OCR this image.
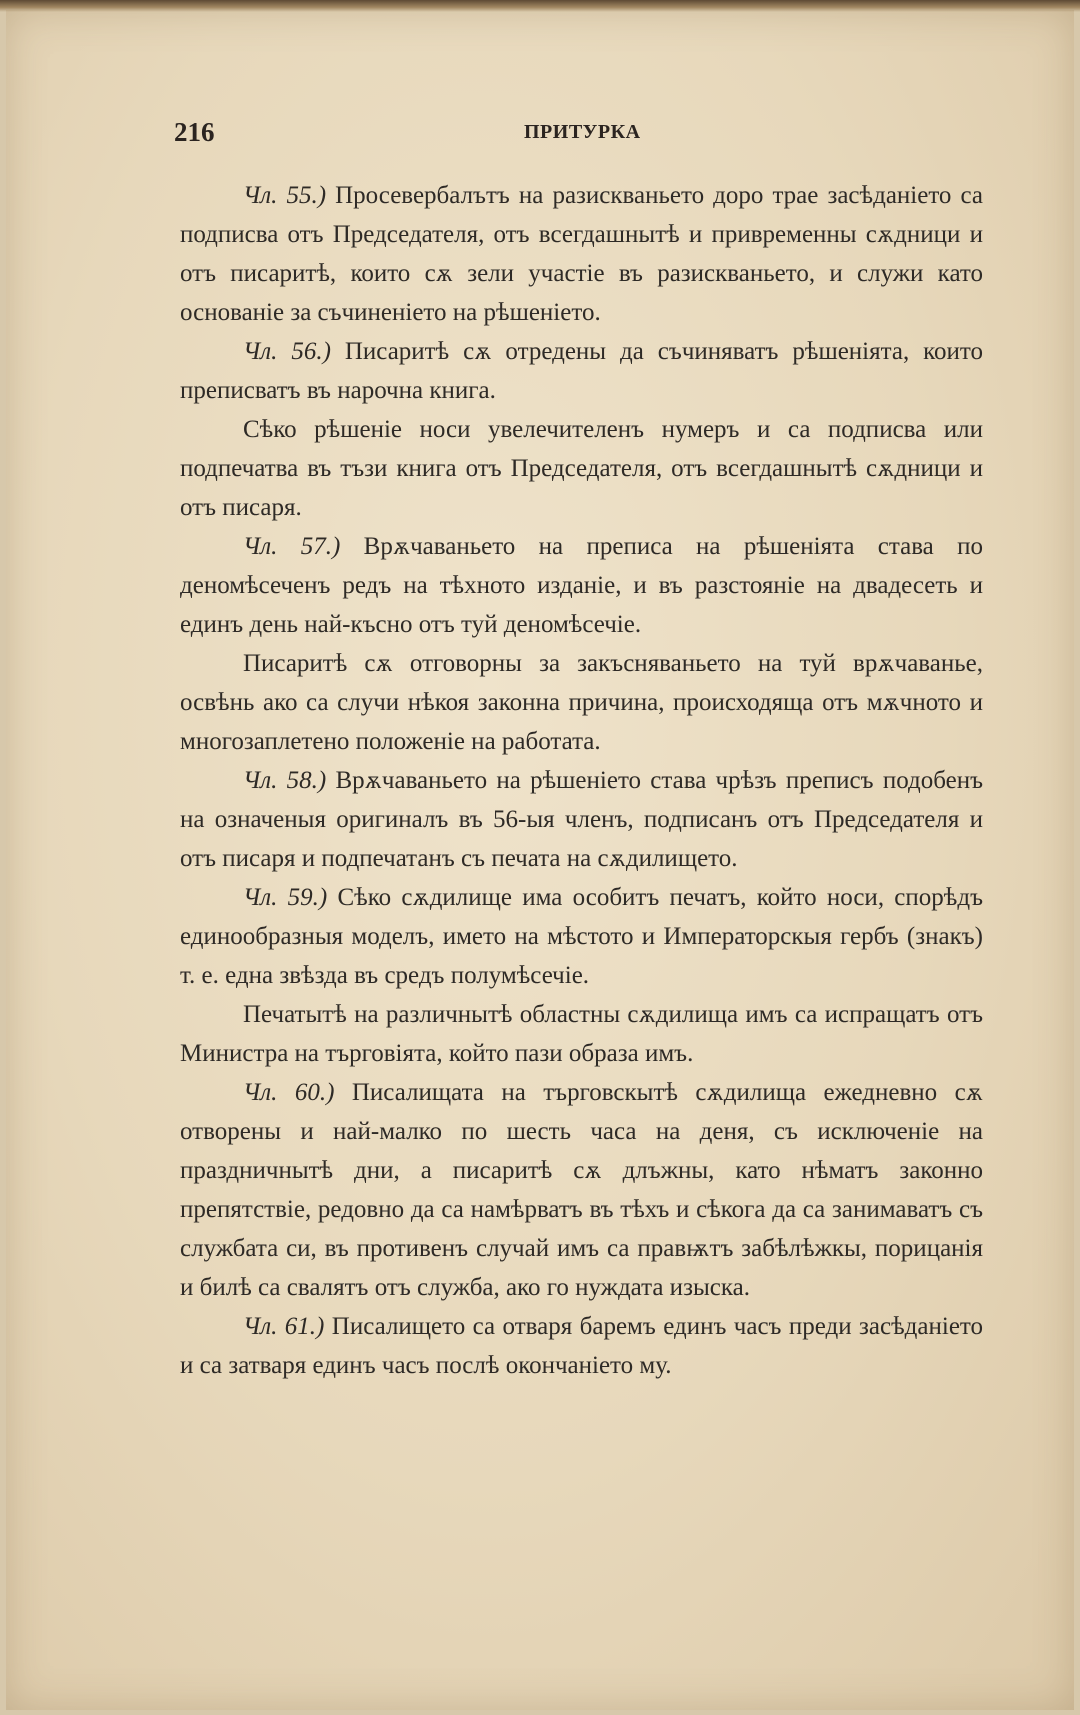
216	ПРИТУРКА

Чл. 55.) Просевербалътъ на разискваньето доро трае засѣданіето са подписва отъ Председателя, отъ всегдашнытѣ и привременны сѫдници и отъ писаритѣ, които сѫ зели участіе въ разискваньето, и служи като основаніе за съчиненіето на рѣшеніето.

Чл. 56.) Писаритѣ сѫ отредены да съчиняватъ рѣшеніята, които преписватъ въ нарочна книга.

Сѣко рѣшеніе носи увелечителенъ нумеръ и са подписва или подпечатва въ тъзи книга отъ Председателя, отъ всегдашнытѣ сѫдници и отъ писаря.

Чл. 57.) Врѫчаваньето на преписа на рѣшеніята става по деномѣсеченъ редъ на тѣхното изданіе, и въ разстояніе на двадесеть и единъ день най-късно отъ туй деномѣсечіе.

Писаритѣ сѫ отговорны за закъсняваньето на туй врѫчаванье, освѣнь ако са случи нѣкоя законна причина, происходяща отъ мѫчното и многозаплетено положеніе на работата.

Чл. 58.) Врѫчаваньето на рѣшеніето става чрѣзъ преписъ подобенъ на означеныя оригиналъ въ 56-ыя членъ, подписанъ отъ Председателя и отъ писаря и подпечатанъ съ печата на сѫдилището.

Чл. 59.) Сѣко сѫдилище има особитъ печатъ, който носи, спорѣдъ единообразныя моделъ, името на мѣстото и Императорскыя гербъ (знакъ) т. е. една звѣзда въ средъ полумѣсечіе.

Печатытѣ на различнытѣ областны сѫдилища имъ са испращатъ отъ Министра на търговіята, който пази образа имъ.

Чл. 60.) Писалищата на търговскытѣ сѫдилища ежедневно сѫ отворены и най-малко по шесть часа на деня, съ исключеніе на праздничнытѣ дни, а писаритѣ сѫ длъжны, като нѣматъ законно препятствіе, редовно да са намѣрватъ въ тѣхъ и сѣкога да са занимаватъ съ службата си, въ противенъ случай имъ са правѭтъ забѣлѣжкы, порицанія и билѣ са свалятъ отъ служба, ако го нуждата изыска.

Чл. 61.) Писалището са отваря баремъ единъ часъ преди засѣданіето и са затваря единъ часъ послѣ окончаніето му.
